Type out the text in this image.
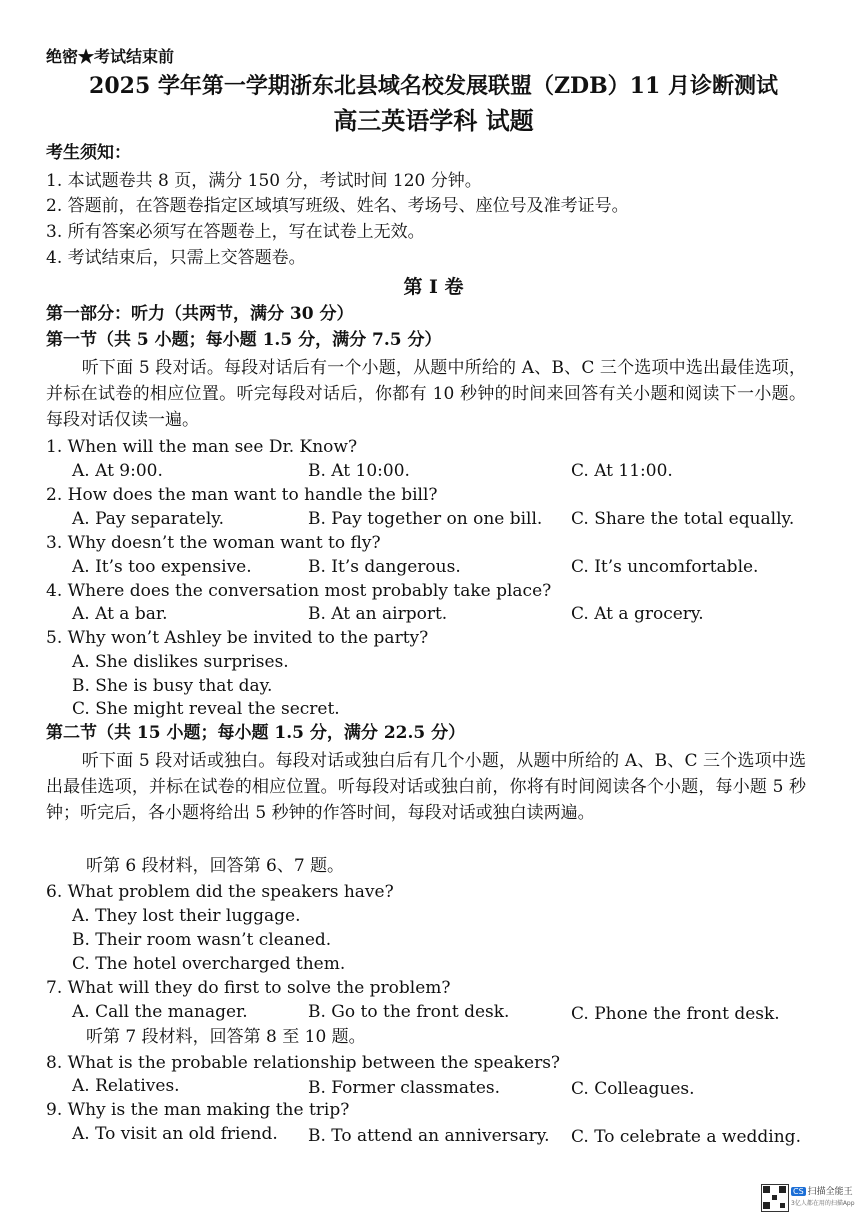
绝密★考试结束前
2025 学年第一学期浙东北县域名校发展联盟（ZDB）11 月诊断测试
高三英语学科 试题
考生须知：
1. 本试题卷共 8 页，满分 150 分，考试时间 120 分钟。
2. 答题前，在答题卷指定区域填写班级、姓名、考场号、座位号及准考证号。
3. 所有答案必须写在答题卷上，写在试卷上无效。
4. 考试结束后，只需上交答题卷。
第 I 卷
第一部分：听力（共两节，满分 30 分）
第一节（共 5 小题；每小题 1.5 分，满分 7.5 分）
听下面 5 段对话。每段对话后有一个小题，从题中所给的 A、B、C 三个选项中选出最佳选项，并标在试卷的相应位置。听完每段对话后，你都有 10 秒钟的时间来回答有关小题和阅读下一小题。每段对话仅读一遍。
1. When will the man see Dr. Know?
A. At 9:00.	B. At 10:00.	C. At 11:00.
2. How does the man want to handle the bill?
A. Pay separately.	B. Pay together on one bill. C. Share the total equally.
3. Why doesn’t the woman want to fly?
A. It’s too expensive.	B. It’s dangerous.	C. It’s uncomfortable.
4. Where does the conversation most probably take place?
A. At a bar.	B. At an airport.	C. At a grocery.
5. Why won’t Ashley be invited to the party?
A. She dislikes surprises.
B. She is busy that day.
C. She might reveal the secret.
第二节（共 15 小题；每小题 1.5 分，满分 22.5 分）
听下面 5 段对话或独白。每段对话或独白后有几个小题，从题中所给的 A、B、C 三个选项中选出最佳选项，并标在试卷的相应位置。听每段对话或独白前，你将有时间阅读各个小题，每小题 5 秒钟；听完后，各小题将给出 5 秒钟的作答时间，每段对话或独白读两遍。
听第 6 段材料，回答第 6、7 题。
6. What problem did the speakers have?
A. They lost their luggage.
B. Their room wasn’t cleaned.
C. The hotel overcharged them.
7. What will they do first to solve the problem?
A. Call the manager.	B. Go to the front desk.	C. Phone the front desk.
听第 7 段材料，回答第 8 至 10 题。
8. What is the probable relationship between the speakers?
A. Relatives.	B. Former classmates.	C. Colleagues.
9. Why is the man making the trip?
A. To visit an old friend. B. To attend an anniversary. C. To celebrate a wedding.
CS 扫描全能王
3亿人都在用的扫描App
